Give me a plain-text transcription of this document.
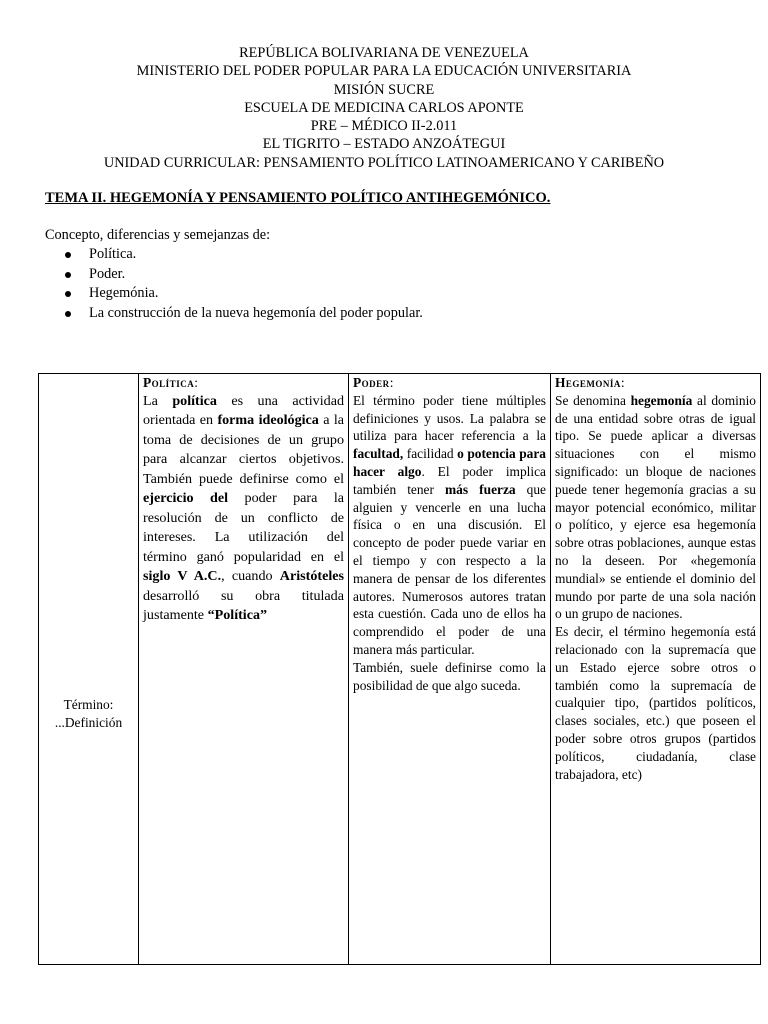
REPÚBLICA BOLIVARIANA DE VENEZUELA
MINISTERIO DEL PODER POPULAR PARA LA EDUCACIÓN UNIVERSITARIA
MISIÓN SUCRE
ESCUELA DE MEDICINA CARLOS APONTE
PRE – MÉDICO II-2.011
EL TIGRITO – ESTADO ANZOÁTEGUI
UNIDAD CURRICULAR: PENSAMIENTO POLÍTICO LATINOAMERICANO Y CARIBEÑO
TEMA II. HEGEMONÍA Y PENSAMIENTO POLÍTICO ANTIHEGEMÓNICO.
Concepto, diferencias y semejanzas de:
Política.
Poder.
Hegemónia.
La construcción de la nueva hegemonía del poder popular.
Término:
...Definición

Política:
La política es una actividad orientada en forma ideológica a la toma de decisiones de un grupo para alcanzar ciertos objetivos. También puede definirse como el ejercicio del poder para la resolución de un conflicto de intereses. La utilización del término ganó popularidad en el siglo V A.C., cuando Aristóteles desarrolló su obra titulada justamente “Política”

Poder:
El término poder tiene múltiples definiciones y usos. La palabra se utiliza para hacer referencia a la facultad, facilidad o potencia para hacer algo. El poder implica también tener más fuerza que alguien y vencerle en una lucha física o en una discusión. El concepto de poder puede variar en el tiempo y con respecto a la manera de pensar de los diferentes autores. Numerosos autores tratan esta cuestión. Cada uno de ellos ha comprendido el poder de una manera más particular.
También, suele definirse como la posibilidad de que algo suceda.

Hegemonía:
Se denomina hegemonía al dominio de una entidad sobre otras de igual tipo. Se puede aplicar a diversas situaciones con el mismo significado: un bloque de naciones puede tener hegemonía gracias a su mayor potencial económico, militar o político, y ejerce esa hegemonía sobre otras poblaciones, aunque estas no la deseen. Por «hegemonía mundial» se entiende el dominio del mundo por parte de una sola nación o un grupo de naciones.
Es decir, el término hegemonía está relacionado con la supremacía que un Estado ejerce sobre otros o también como la supremacía de cualquier tipo, (partidos políticos, clases sociales, etc.) que poseen el poder sobre otros grupos (partidos políticos, ciudadanía, clase trabajadora, etc)
